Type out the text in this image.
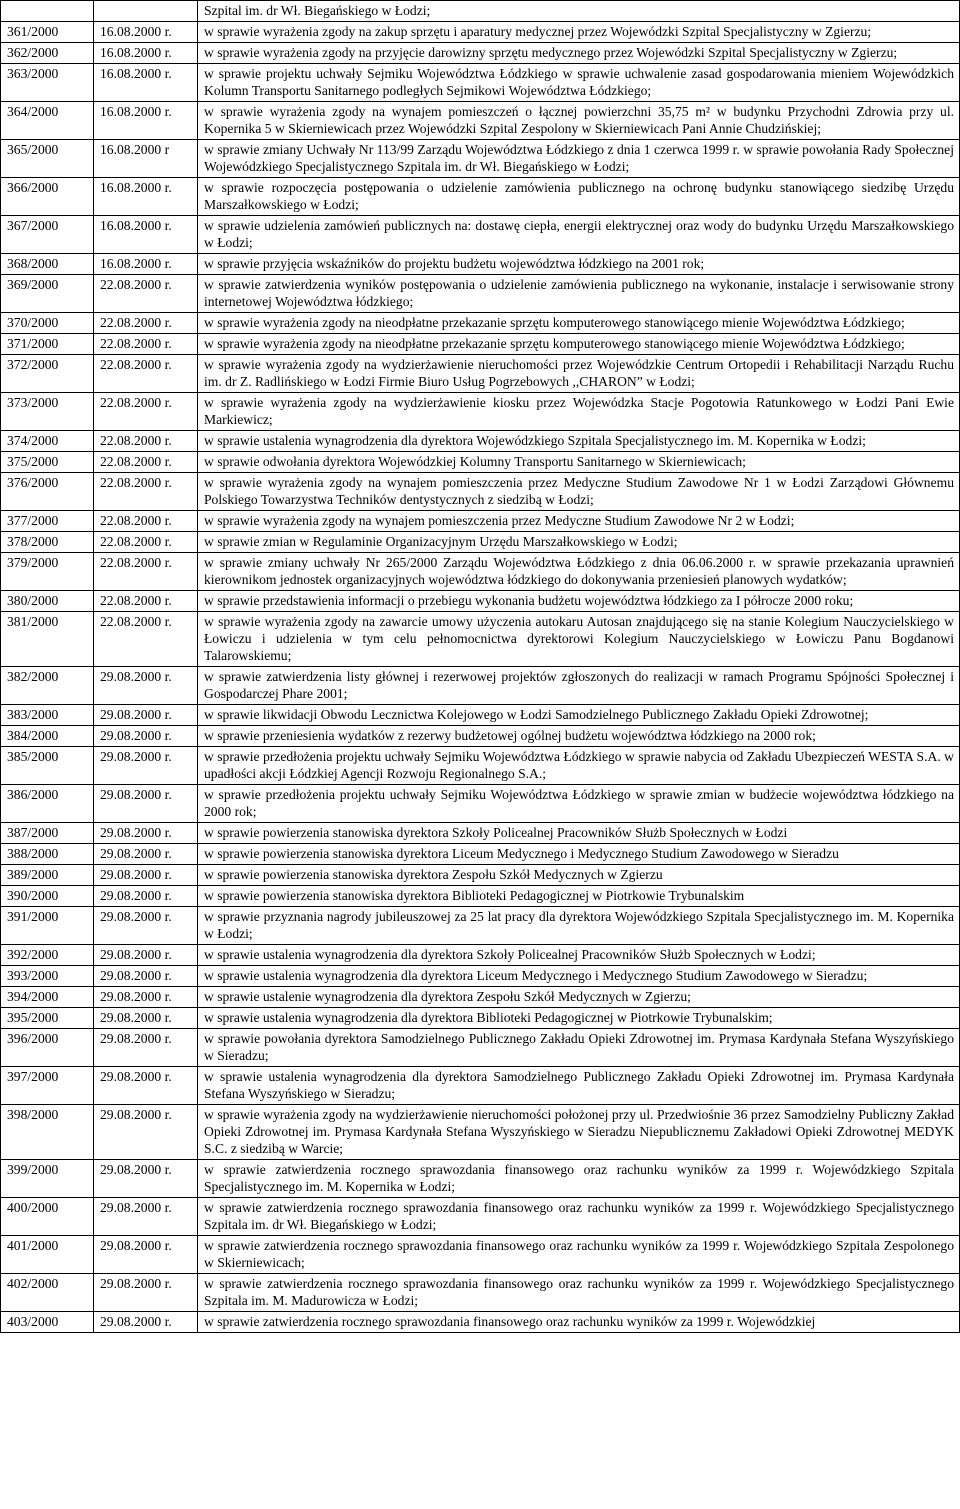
		Szpital im. dr Wł. Biegańskiego w Łodzi;
361/2000	16.08.2000 r.	w sprawie wyrażenia zgody na zakup sprzętu i aparatury medycznej przez Wojewódzki Szpital Specjalistyczny w Zgierzu;
362/2000	16.08.2000 r.	w sprawie wyrażenia zgody na przyjęcie darowizny sprzętu medycznego przez Wojewódzki Szpital Specjalistyczny w Zgierzu;
363/2000	16.08.2000 r.	w sprawie projektu uchwały Sejmiku Województwa Łódzkiego w sprawie uchwalenie zasad gospodarowania mieniem Wojewódzkich Kolumn Transportu Sanitarnego podległych Sejmikowi Województwa Łódzkiego;
364/2000	16.08.2000 r.	w sprawie wyrażenia zgody na wynajem pomieszczeń o łącznej powierzchni 35,75 m² w budynku Przychodni Zdrowia przy ul. Kopernika 5 w Skierniewicach przez Wojewódzki Szpital Zespolony w Skierniewicach Pani Annie Chudzińskiej;
365/2000	16.08.2000 r	w sprawie zmiany Uchwały Nr 113/99 Zarządu Województwa Łódzkiego z dnia 1 czerwca 1999 r. w sprawie powołania Rady Społecznej Wojewódzkiego Specjalistycznego Szpitala im. dr Wł. Biegańskiego w Łodzi;
366/2000	16.08.2000 r.	w sprawie rozpoczęcia postępowania o udzielenie zamówienia publicznego na ochronę budynku stanowiącego siedzibę Urzędu Marszałkowskiego w Łodzi;
367/2000	16.08.2000 r.	w sprawie udzielenia zamówień publicznych na: dostawę ciepła, energii elektrycznej oraz wody do budynku Urzędu Marszałkowskiego w Łodzi;
368/2000	16.08.2000 r.	w sprawie przyjęcia wskaźników do projektu budżetu województwa łódzkiego na 2001 rok;
369/2000	22.08.2000 r.	w sprawie zatwierdzenia wyników postępowania o udzielenie zamówienia publicznego na wykonanie, instalacje i serwisowanie strony internetowej Województwa łódzkiego;
370/2000	22.08.2000 r.	w sprawie wyrażenia zgody na nieodpłatne przekazanie sprzętu komputerowego stanowiącego mienie Województwa Łódzkiego;
371/2000	22.08.2000 r.	w sprawie wyrażenia zgody na nieodpłatne przekazanie sprzętu komputerowego stanowiącego mienie Województwa Łódzkiego;
372/2000	22.08.2000 r.	w sprawie wyrażenia zgody na wydzierżawienie nieruchomości przez Wojewódzkie Centrum Ortopedii i Rehabilitacji Narządu Ruchu im. dr Z. Radlińskiego w Łodzi Firmie Biuro Usług Pogrzebowych ,,CHARON” w Łodzi;
373/2000	22.08.2000 r.	w sprawie wyrażenia zgody na wydzierżawienie kiosku przez Wojewódzka Stacje Pogotowia Ratunkowego w Łodzi Pani Ewie Markiewicz;
374/2000	22.08.2000 r.	w sprawie ustalenia wynagrodzenia dla dyrektora Wojewódzkiego Szpitala Specjalistycznego im. M. Kopernika w Łodzi;
375/2000	22.08.2000 r.	w sprawie odwołania dyrektora Wojewódzkiej Kolumny Transportu Sanitarnego w Skierniewicach;
376/2000	22.08.2000 r.	w sprawie wyrażenia zgody na wynajem pomieszczenia przez Medyczne Studium Zawodowe Nr 1 w Łodzi Zarządowi Głównemu Polskiego Towarzystwa Techników dentystycznych z siedzibą w Łodzi;
377/2000	22.08.2000 r.	w sprawie wyrażenia zgody na wynajem pomieszczenia przez Medyczne Studium Zawodowe Nr 2 w Łodzi;
378/2000	22.08.2000 r.	w sprawie zmian w Regulaminie Organizacyjnym Urzędu Marszałkowskiego w Łodzi;
379/2000	22.08.2000 r.	w sprawie zmiany uchwały Nr 265/2000 Zarządu Województwa Łódzkiego z dnia 06.06.2000 r. w sprawie przekazania uprawnień kierownikom jednostek organizacyjnych województwa łódzkiego do dokonywania przeniesień planowych wydatków;
380/2000	22.08.2000 r.	w sprawie przedstawienia informacji o przebiegu wykonania budżetu województwa łódzkiego za I półrocze 2000 roku;
381/2000	22.08.2000 r.	w sprawie wyrażenia zgody na zawarcie umowy użyczenia autokaru Autosan znajdującego się na stanie Kolegium Nauczycielskiego w Łowiczu i udzielenia w tym celu pełnomocnictwa dyrektorowi Kolegium Nauczycielskiego w Łowiczu Panu Bogdanowi Talarowskiemu;
382/2000	29.08.2000 r.	w sprawie zatwierdzenia listy głównej i rezerwowej projektów zgłoszonych do realizacji w ramach Programu Spójności Społecznej i Gospodarczej Phare 2001;
383/2000	29.08.2000 r.	w sprawie likwidacji Obwodu Lecznictwa Kolejowego w Łodzi Samodzielnego Publicznego Zakładu Opieki Zdrowotnej;
384/2000	29.08.2000 r.	w sprawie przeniesienia wydatków z rezerwy budżetowej ogólnej budżetu województwa łódzkiego na 2000 rok;
385/2000	29.08.2000 r.	w sprawie przedłożenia projektu uchwały Sejmiku Województwa Łódzkiego w sprawie nabycia od Zakładu Ubezpieczeń WESTA S.A. w upadłości akcji Łódzkiej Agencji Rozwoju Regionalnego S.A.;
386/2000	29.08.2000 r.	w sprawie przedłożenia projektu uchwały Sejmiku Województwa Łódzkiego w sprawie zmian w budżecie województwa łódzkiego na 2000 rok;
387/2000	29.08.2000 r.	w sprawie powierzenia stanowiska dyrektora Szkoły Policealnej Pracowników Służb Społecznych w Łodzi
388/2000	29.08.2000 r.	w sprawie powierzenia stanowiska dyrektora Liceum Medycznego i Medycznego Studium Zawodowego w Sieradzu
389/2000	29.08.2000 r.	w sprawie powierzenia stanowiska dyrektora Zespołu Szkół Medycznych w Zgierzu
390/2000	29.08.2000 r.	w sprawie powierzenia stanowiska dyrektora Biblioteki Pedagogicznej w Piotrkowie Trybunalskim
391/2000	29.08.2000 r.	w sprawie przyznania nagrody jubileuszowej za 25 lat pracy dla dyrektora Wojewódzkiego Szpitala Specjalistycznego im. M. Kopernika w Łodzi;
392/2000	29.08.2000 r.	w sprawie ustalenia wynagrodzenia dla dyrektora Szkoły Policealnej Pracowników Służb Społecznych w Łodzi;
393/2000	29.08.2000 r.	w sprawie ustalenia wynagrodzenia dla dyrektora Liceum Medycznego i Medycznego Studium Zawodowego w Sieradzu;
394/2000	29.08.2000 r.	w sprawie ustalenie wynagrodzenia dla dyrektora Zespołu Szkół Medycznych w Zgierzu;
395/2000	29.08.2000 r.	w sprawie ustalenia wynagrodzenia dla dyrektora Biblioteki Pedagogicznej w Piotrkowie Trybunalskim;
396/2000	29.08.2000 r.	w sprawie powołania dyrektora Samodzielnego Publicznego Zakładu Opieki Zdrowotnej im. Prymasa Kardynała Stefana Wyszyńskiego w Sieradzu;
397/2000	29.08.2000 r.	w sprawie ustalenia wynagrodzenia dla dyrektora Samodzielnego Publicznego Zakładu Opieki Zdrowotnej im. Prymasa Kardynała Stefana Wyszyńskiego w Sieradzu;
398/2000	29.08.2000 r.	w sprawie wyrażenia zgody na wydzierżawienie nieruchomości położonej przy ul. Przedwiośnie 36 przez Samodzielny Publiczny Zakład Opieki Zdrowotnej im. Prymasa Kardynała Stefana Wyszyńskiego w Sieradzu Niepublicznemu Zakładowi Opieki Zdrowotnej MEDYK S.C. z siedzibą w Warcie;
399/2000	29.08.2000 r.	w sprawie zatwierdzenia rocznego sprawozdania finansowego oraz rachunku wyników za 1999 r. Wojewódzkiego Szpitala Specjalistycznego im. M. Kopernika w Łodzi;
400/2000	29.08.2000 r.	w sprawie zatwierdzenia rocznego sprawozdania finansowego oraz rachunku wyników za 1999 r. Wojewódzkiego Specjalistycznego Szpitala im. dr Wł. Biegańskiego w Łodzi;
401/2000	29.08.2000 r.	w sprawie zatwierdzenia rocznego sprawozdania finansowego oraz rachunku wyników za 1999 r. Wojewódzkiego Szpitala Zespolonego w Skierniewicach;
402/2000	29.08.2000 r.	w sprawie zatwierdzenia rocznego sprawozdania finansowego oraz rachunku wyników za 1999 r. Wojewódzkiego Specjalistycznego Szpitala im. M. Madurowicza w Łodzi;
403/2000	29.08.2000 r.	w sprawie zatwierdzenia rocznego sprawozdania finansowego oraz rachunku wyników za 1999 r. Wojewódzkiej
